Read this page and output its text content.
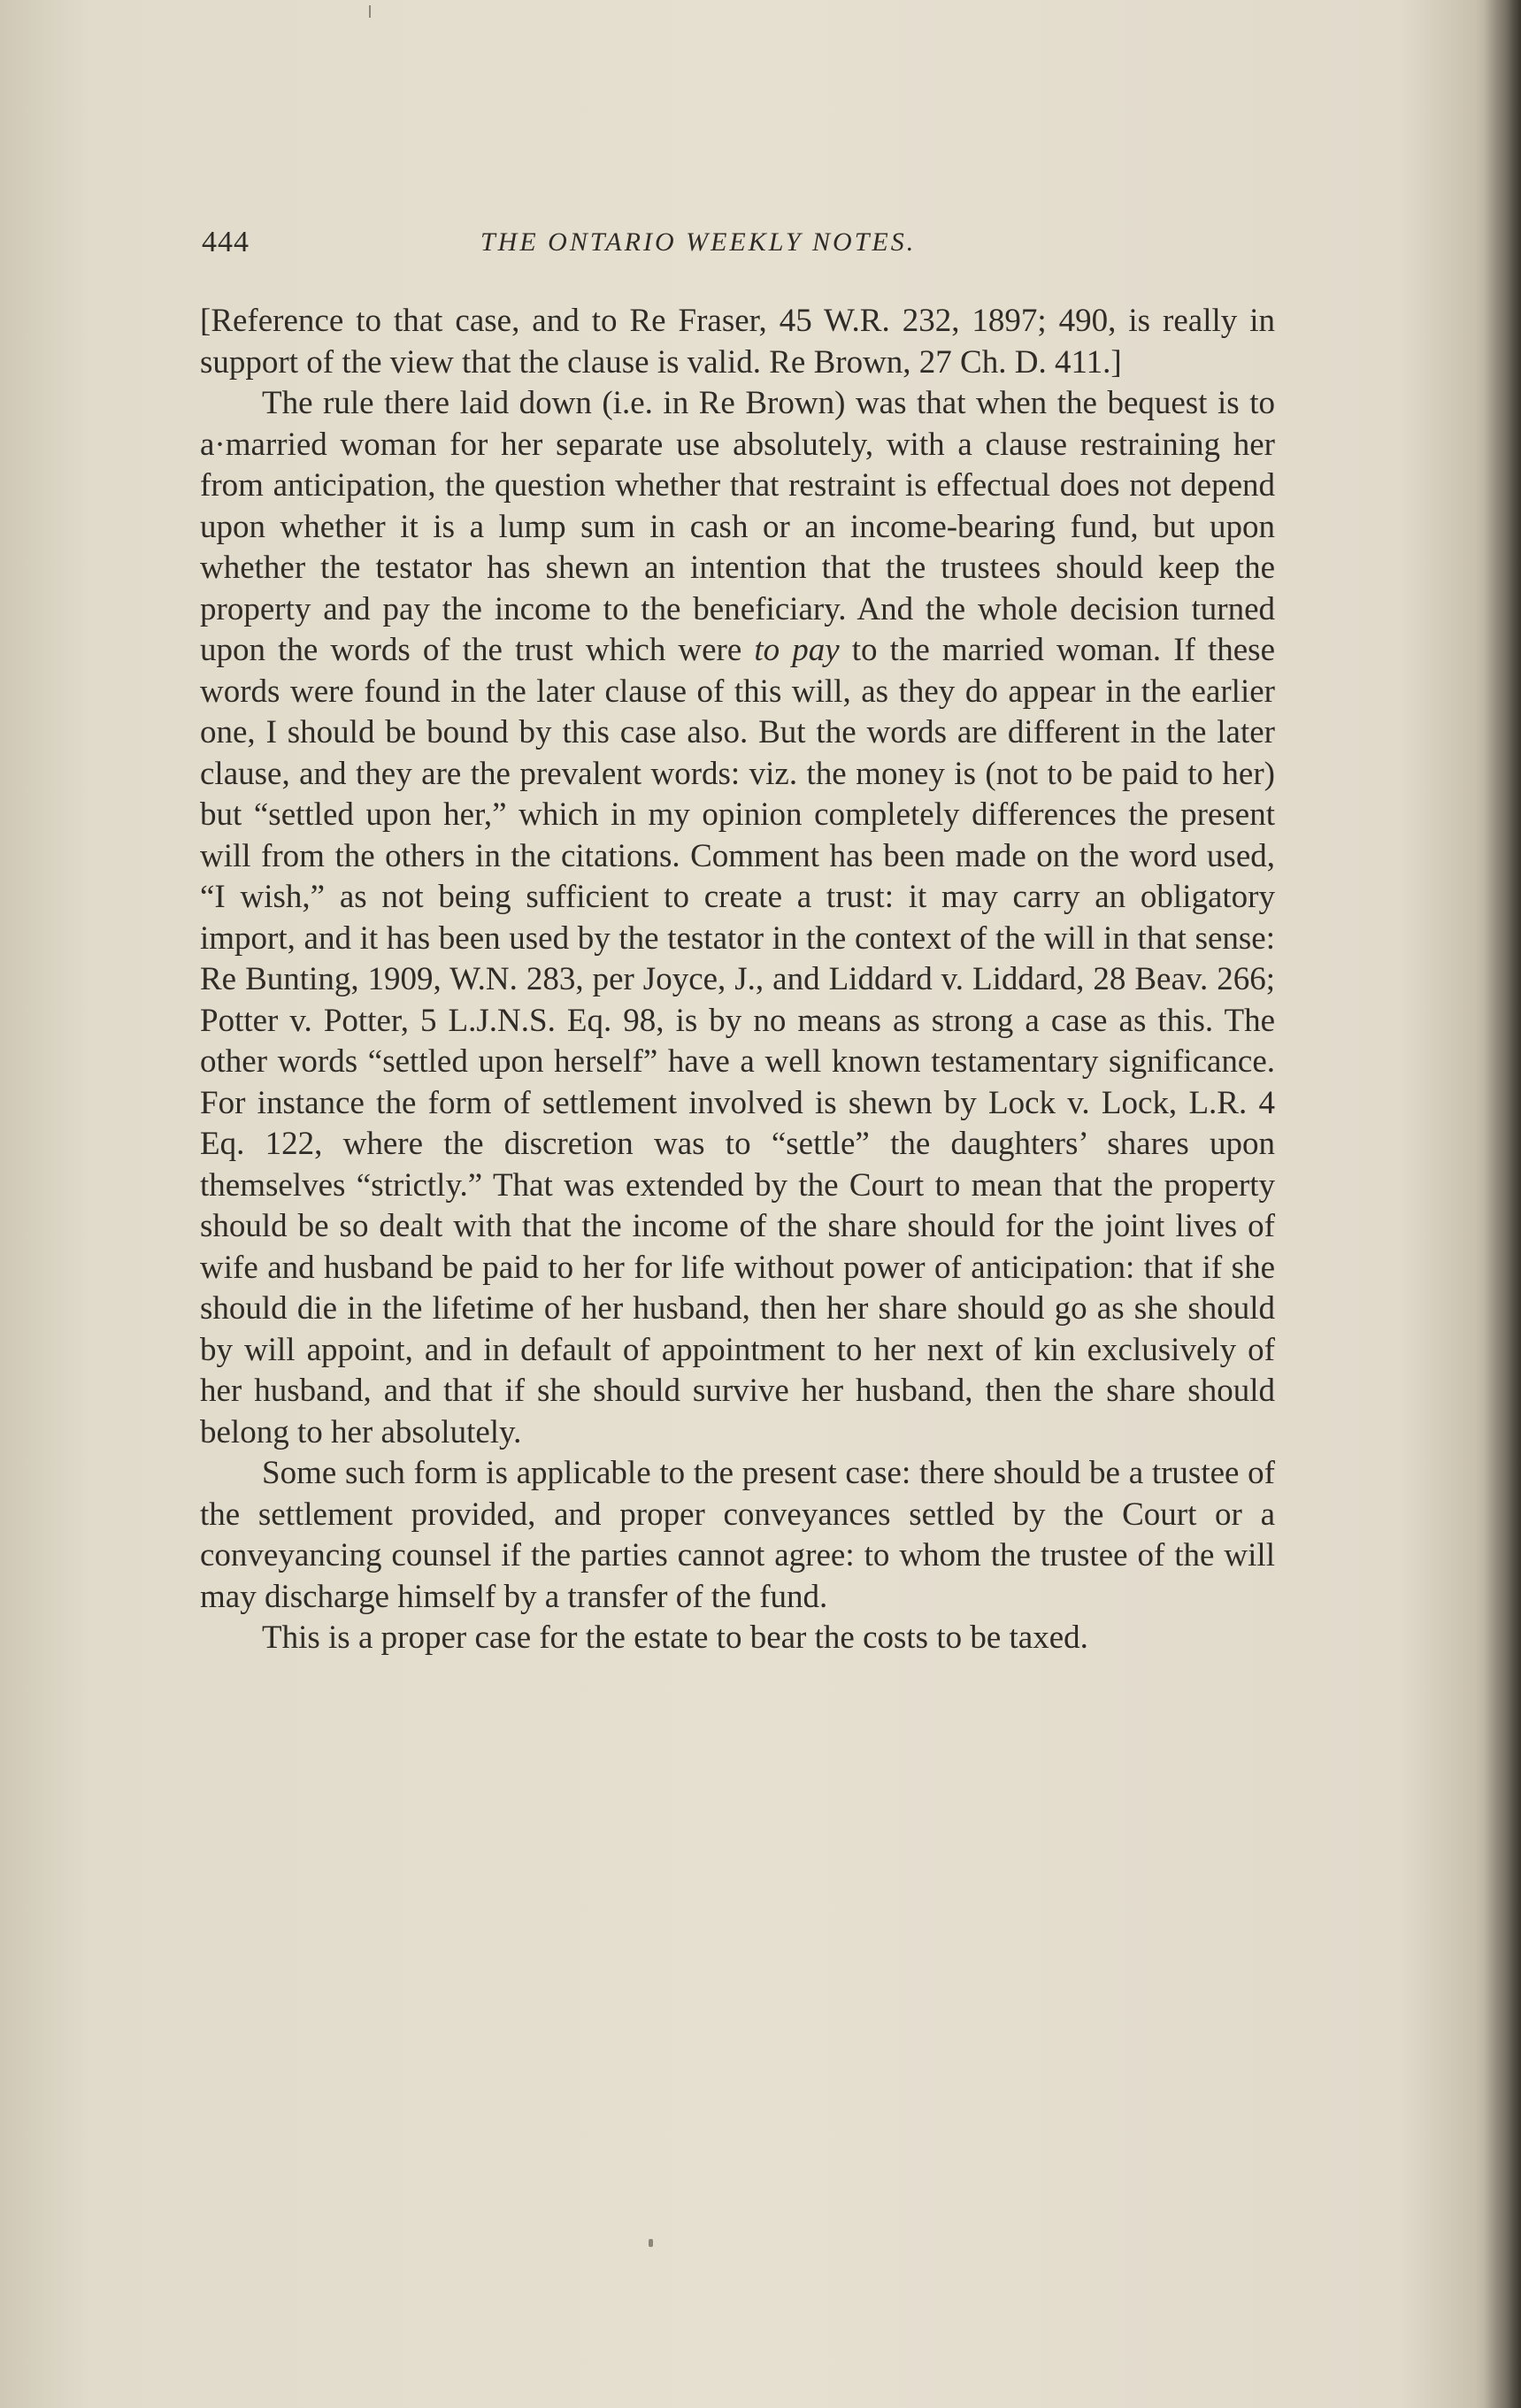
444	THE ONTARIO WEEKLY NOTES.

[Reference to that case, and to Re Fraser, 45 W.R. 232, 1897; 490, is really in support of the view that the clause is valid. Re Brown, 27 Ch. D. 411.]

The rule there laid down (i.e. in Re Brown) was that when the bequest is to a·married woman for her separate use absolutely, with a clause restraining her from anticipation, the question whether that restraint is effectual does not depend upon whether it is a lump sum in cash or an income-bearing fund, but upon whether the testator has shewn an intention that the trustees should keep the property and pay the income to the beneficiary. And the whole decision turned upon the words of the trust which were to pay to the married woman. If these words were found in the later clause of this will, as they do appear in the earlier one, I should be bound by this case also. But the words are different in the later clause, and they are the prevalent words: viz. the money is (not to be paid to her) but “settled upon her,” which in my opinion completely differences the present will from the others in the citations. Comment has been made on the word used, “I wish,” as not being sufficient to create a trust: it may carry an obligatory import, and it has been used by the testator in the context of the will in that sense: Re Bunting, 1909, W.N. 283, per Joyce, J., and Liddard v. Liddard, 28 Beav. 266; Potter v. Potter, 5 L.J.N.S. Eq. 98, is by no means as strong a case as this. The other words “settled upon herself” have a well known testamentary significance. For instance the form of settlement involved is shewn by Lock v. Lock, L.R. 4 Eq. 122, where the discretion was to “settle” the daughters’ shares upon themselves “strictly.” That was extended by the Court to mean that the property should be so dealt with that the income of the share should for the joint lives of wife and husband be paid to her for life without power of anticipation: that if she should die in the lifetime of her husband, then her share should go as she should by will appoint, and in default of appointment to her next of kin exclusively of her husband, and that if she should survive her husband, then the share should belong to her absolutely.

Some such form is applicable to the present case: there should be a trustee of the settlement provided, and proper conveyances settled by the Court or a conveyancing counsel if the parties cannot agree: to whom the trustee of the will may discharge himself by a transfer of the fund.

This is a proper case for the estate to bear the costs to be taxed.
